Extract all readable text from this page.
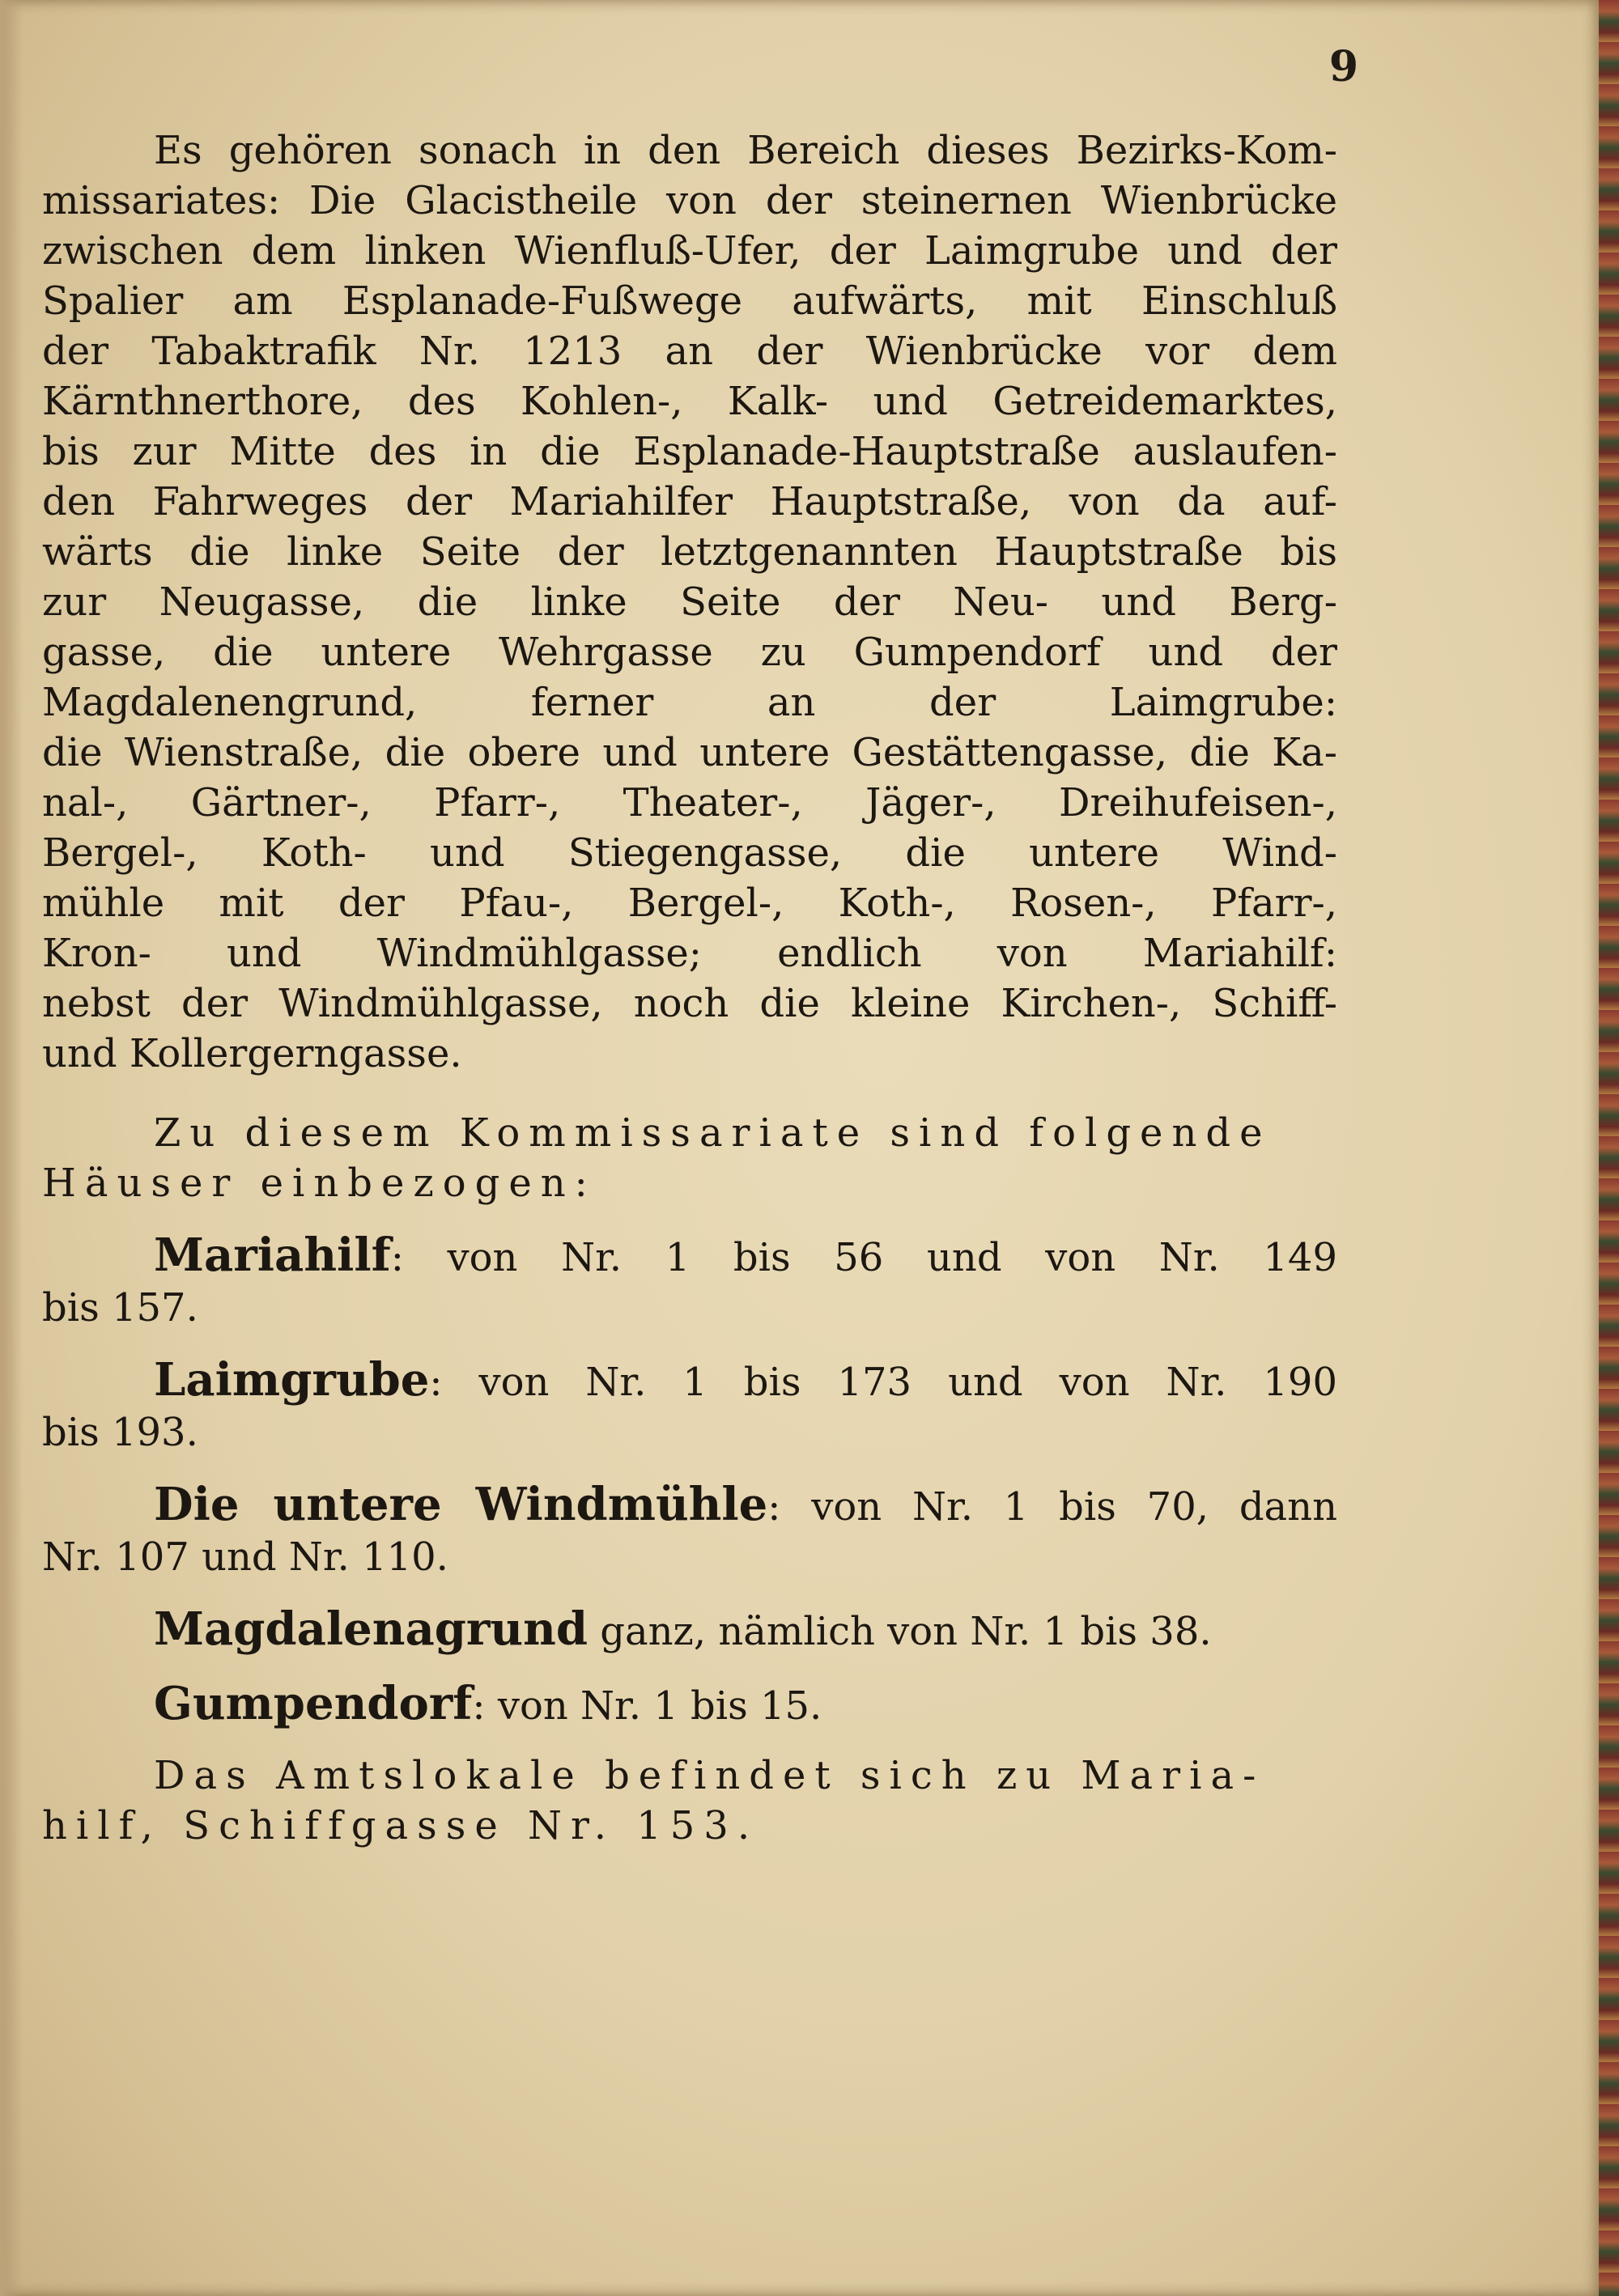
9
Es gehören sonach in den Bereich dieses Bezirks-Kom-
missariates: Die Glacistheile von der steinernen Wienbrücke
zwischen dem linken Wienfluß-Ufer, der Laimgrube und der
Spalier am Esplanade-Fußwege aufwärts, mit Einschluß
der Tabaktrafik Nr. 1213 an der Wienbrücke vor dem
Kärnthnerthore, des Kohlen-, Kalk- und Getreidemarktes,
bis zur Mitte des in die Esplanade-Hauptstraße auslaufen-
den Fahrweges der Mariahilfer Hauptstraße, von da auf-
wärts die linke Seite der letztgenannten Hauptstraße bis
zur Neugasse, die linke Seite der Neu- und Berg-
gasse, die untere Wehrgasse zu Gumpendorf und der
Magdalenengrund, ferner an der Laimgrube:
die Wienstraße, die obere und untere Gestättengasse, die Ka-
nal-, Gärtner-, Pfarr-, Theater-, Jäger-, Dreihufeisen-,
Bergel-, Koth- und Stiegengasse, die untere Wind-
mühle mit der Pfau-, Bergel-, Koth-, Rosen-, Pfarr-,
Kron- und Windmühlgasse; endlich von Mariahilf:
nebst der Windmühlgasse, noch die kleine Kirchen-, Schiff-
und Kollergerngasse.
Zu diesem Kommissariate sind folgende
Häuser einbezogen:
Mariahilf: von Nr. 1 bis 56 und von Nr. 149
bis 157.
Laimgrube: von Nr. 1 bis 173 und von Nr. 190
bis 193.
Die untere Windmühle: von Nr. 1 bis 70, dann
Nr. 107 und Nr. 110.
Magdalenagrund ganz, nämlich von Nr. 1 bis 38.
Gumpendorf: von Nr. 1 bis 15.
Das Amtslokale befindet sich zu Maria-
hilf, Schiffgasse Nr. 153.
